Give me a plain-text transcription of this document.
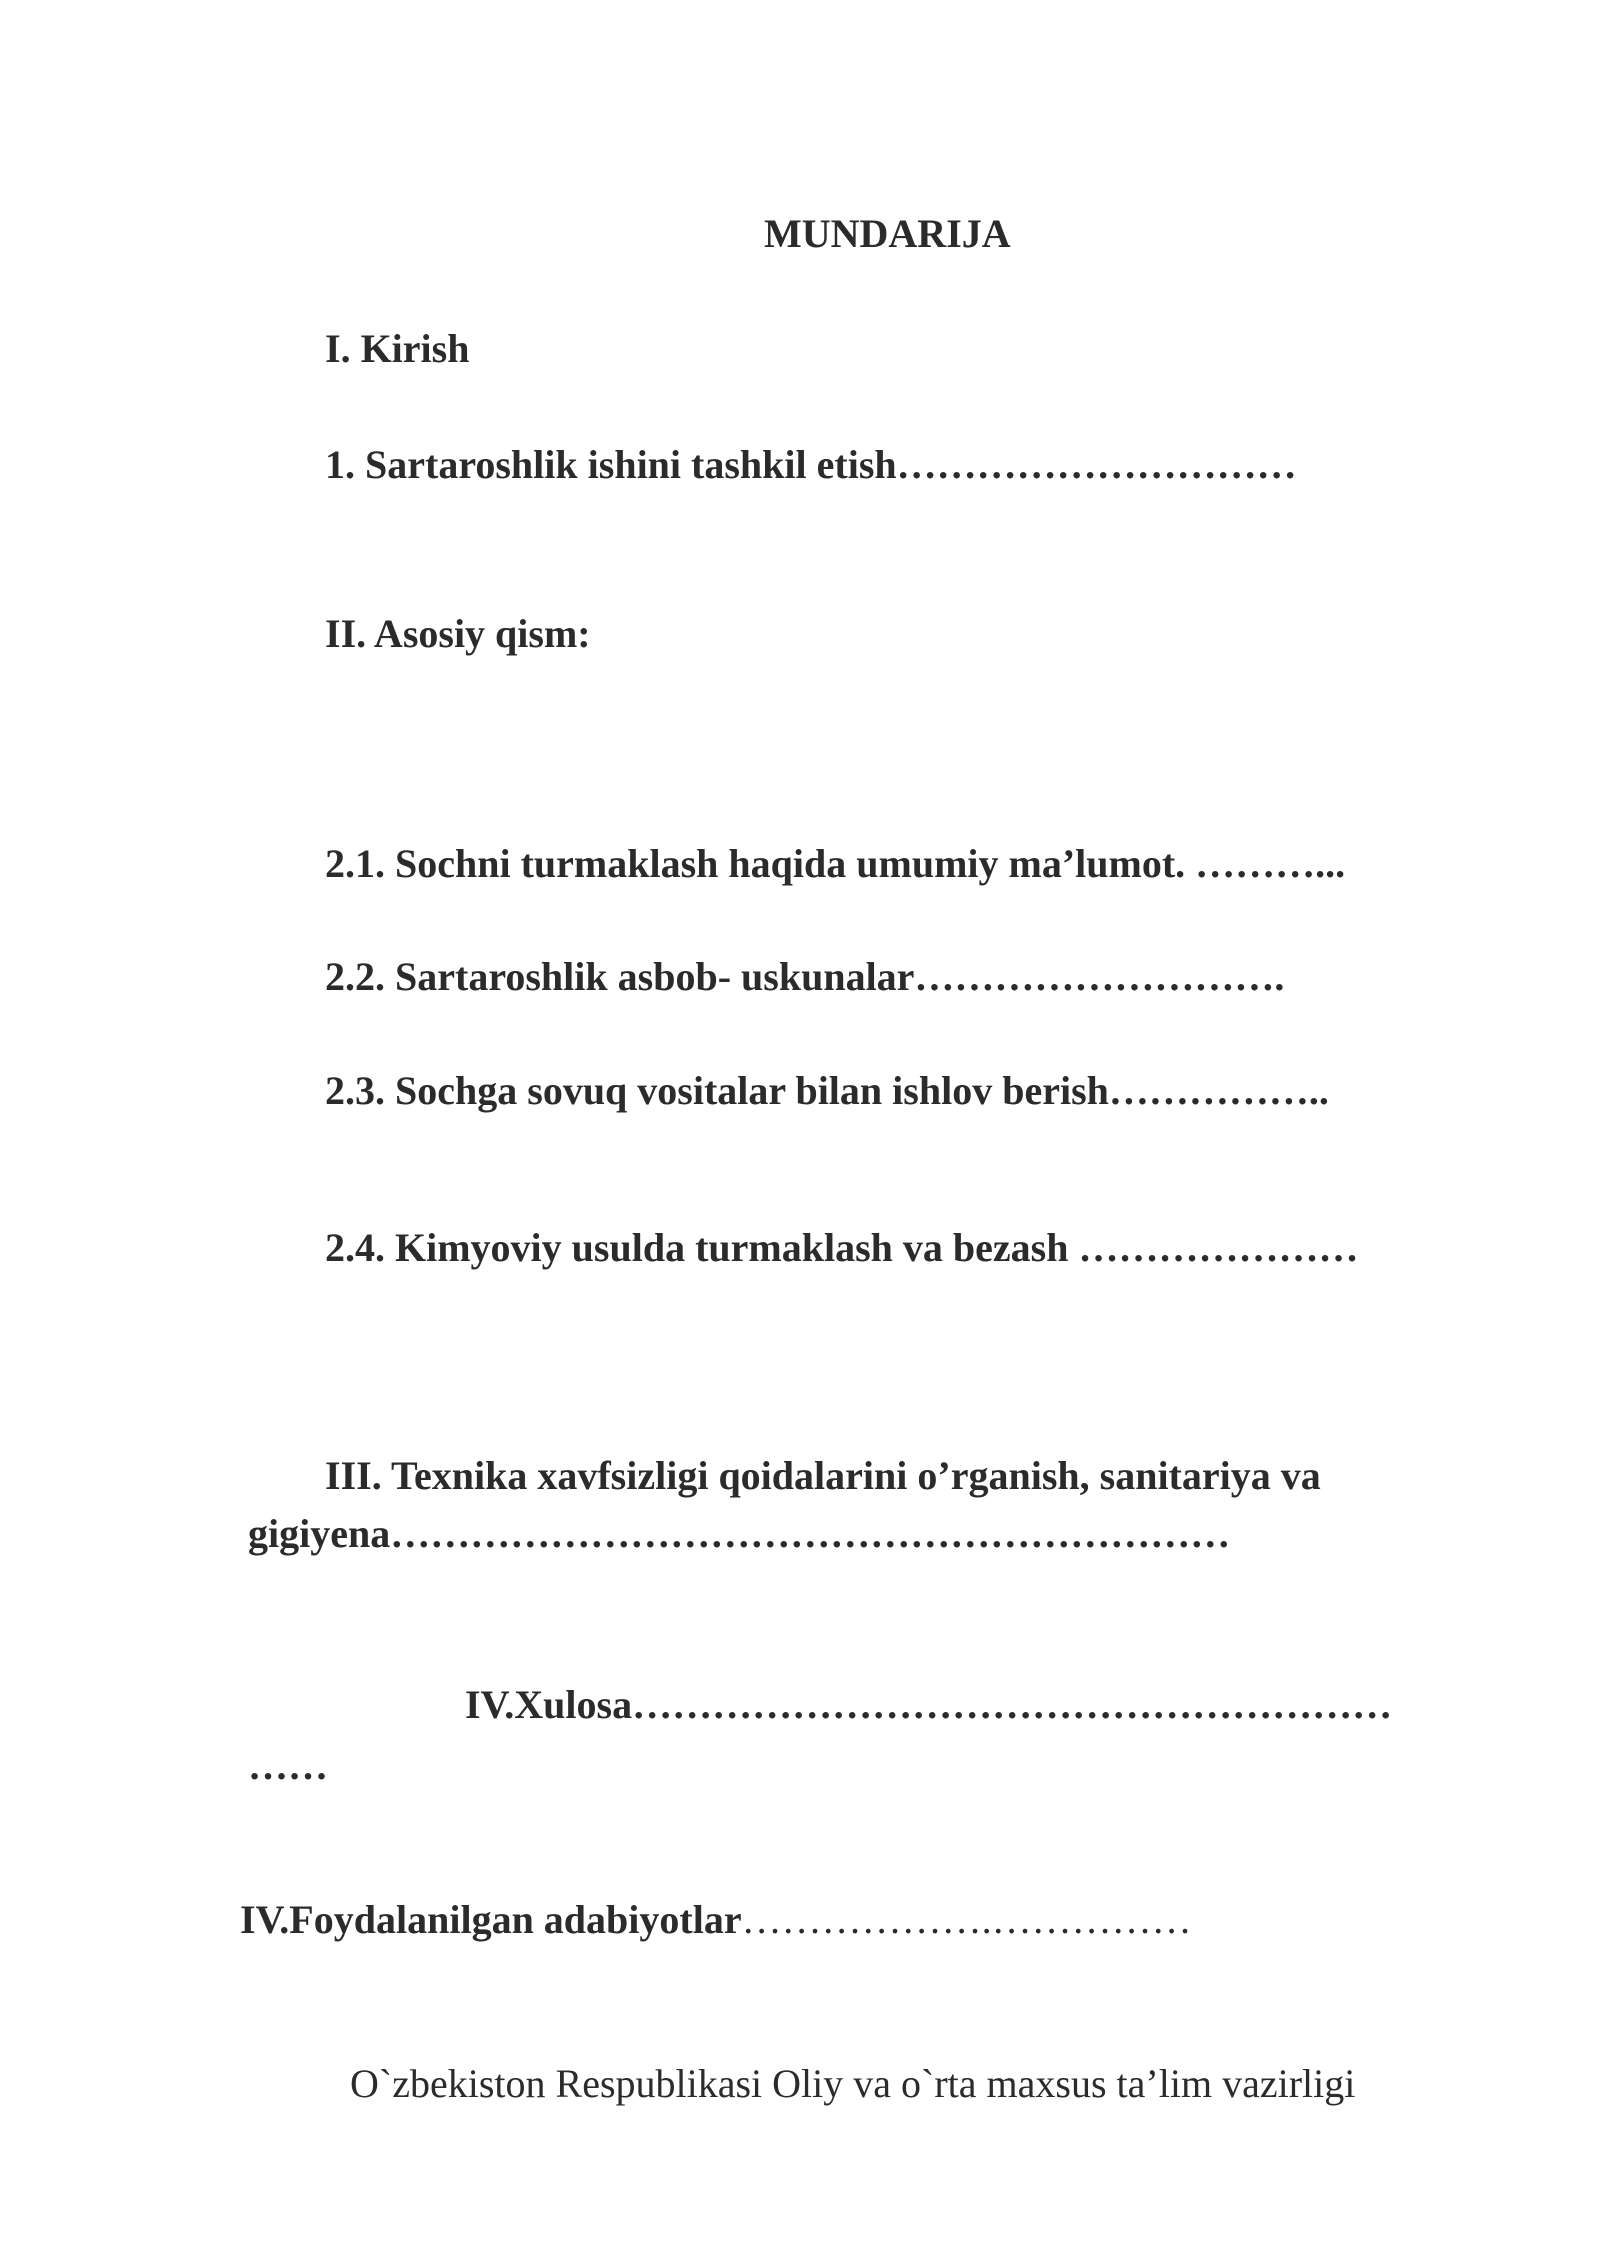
MUNDARIJA
I. Kirish
1. Sartaroshlik ishini tashkil etish…………………………
II. Asosiy qism:
2.1. Sochni turmaklash haqida umumiy ma’lumot. ………...
2.2. Sartaroshlik asbob- uskunalar……………………….
2.3. Sochga sovuq vositalar bilan ishlov berish……………..
2.4. Kimyoviy usulda turmaklash va bezash …………………
III. Texnika xavfsizligi qoidalarini o’rganish, sanitariya va
gigiyena………………………………………………………
IV.Xulosa…………………………………………………
……
IV.Foydalanilgan adabiyotlar……………….……………
O`zbekiston Respublikasi Oliy va o`rta maxsus ta’lim vazirligi
